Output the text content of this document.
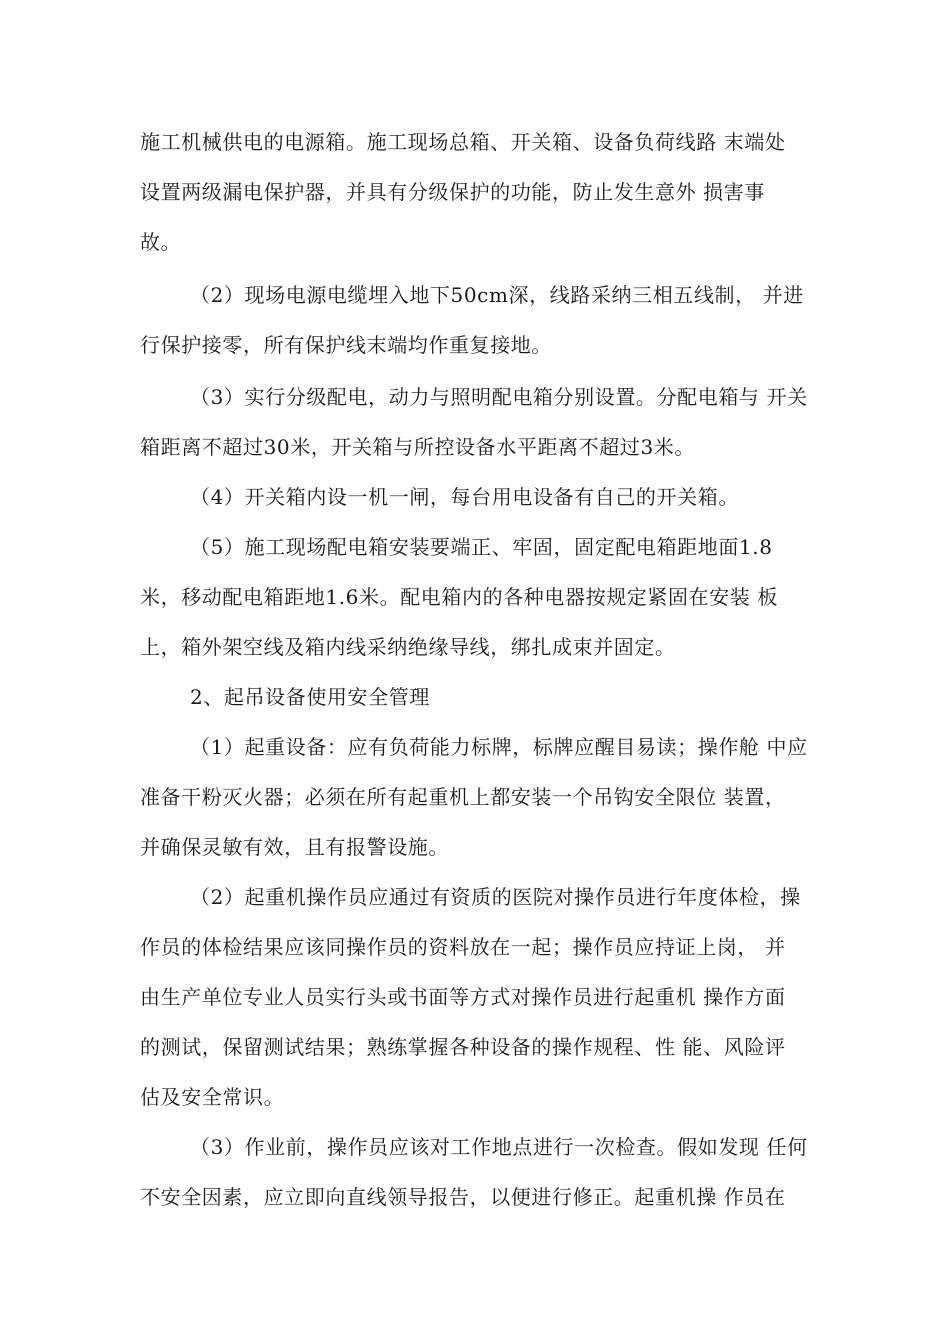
施工机械供电的电源箱。施工现场总箱、开关箱、设备负荷线路 末端处
设置两级漏电保护器，并具有分级保护的功能，防止发生意外 损害事
故。
（2）现场电源电缆埋入地下50cm深，线路采纳三相五线制， 并进
行保护接零，所有保护线末端均作重复接地。
（3）实行分级配电，动力与照明配电箱分别设置。分配电箱与 开关
箱距离不超过30米，开关箱与所控设备水平距离不超过3米。
（4）开关箱内设一机一闸，每台用电设备有自己的开关箱。
（5）施工现场配电箱安装要端正、牢固，固定配电箱距地面1.8
米，移动配电箱距地1.6米。配电箱内的各种电器按规定紧固在安装 板
上，箱外架空线及箱内线采纳绝缘导线，绑扎成束并固定。
2、起吊设备使用安全管理
（1）起重设备：应有负荷能力标牌，标牌应醒目易读；操作舱 中应
准备干粉灭火器；必须在所有起重机上都安装一个吊钩安全限位 装置，
并确保灵敏有效，且有报警设施。
（2）起重机操作员应通过有资质的医院对操作员进行年度体检，操
作员的体检结果应该同操作员的资料放在一起；操作员应持证上岗， 并
由生产单位专业人员实行头或书面等方式对操作员进行起重机 操作方面
的测试，保留测试结果；熟练掌握各种设备的操作规程、性 能、风险评
估及安全常识。
（3）作业前，操作员应该对工作地点进行一次检查。假如发现 任何
不安全因素，应立即向直线领导报告，以便进行修正。起重机操 作员在
